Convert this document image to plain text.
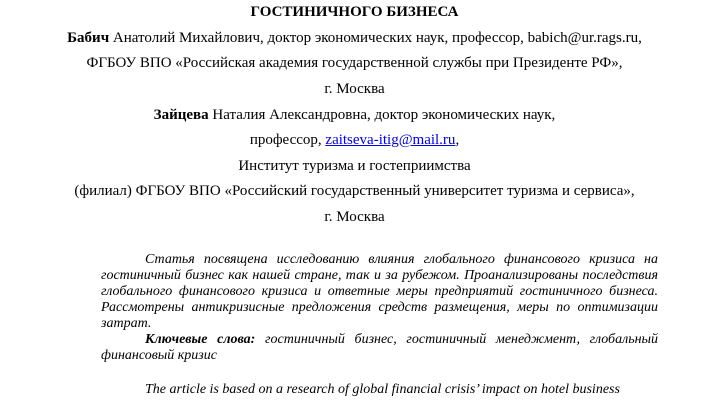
ГОСТИНИЧНОГО БИЗНЕСА
Бабич Анатолий Михайлович, доктор экономических наук, профессор, babich@ur.rags.ru,
ФГБОУ ВПО «Российская академия государственной службы при Президенте РФ»,
г. Москва
Зайцева Наталия Александровна, доктор экономических наук,
профессор, zaitseva-itig@mail.ru,
Институт туризма и гостеприимства
(филиал) ФГБОУ ВПО «Российский государственный университет туризма и сервиса»,
г. Москва
Статья посвящена исследованию влияния глобального финансового кризиса на гостиничный бизнес как нашей стране, так и за рубежом. Проанализированы последствия глобального финансового кризиса и ответные меры предприятий гостиничного бизнеса. Рассмотрены антикризисные предложения средств размещения, меры по оптимизации затрат.
Ключевые слова: гостиничный бизнес, гостиничный менеджмент, глобальный финансовый кризис
The article is based on a research of global financial crisis’ impact on hotel business
